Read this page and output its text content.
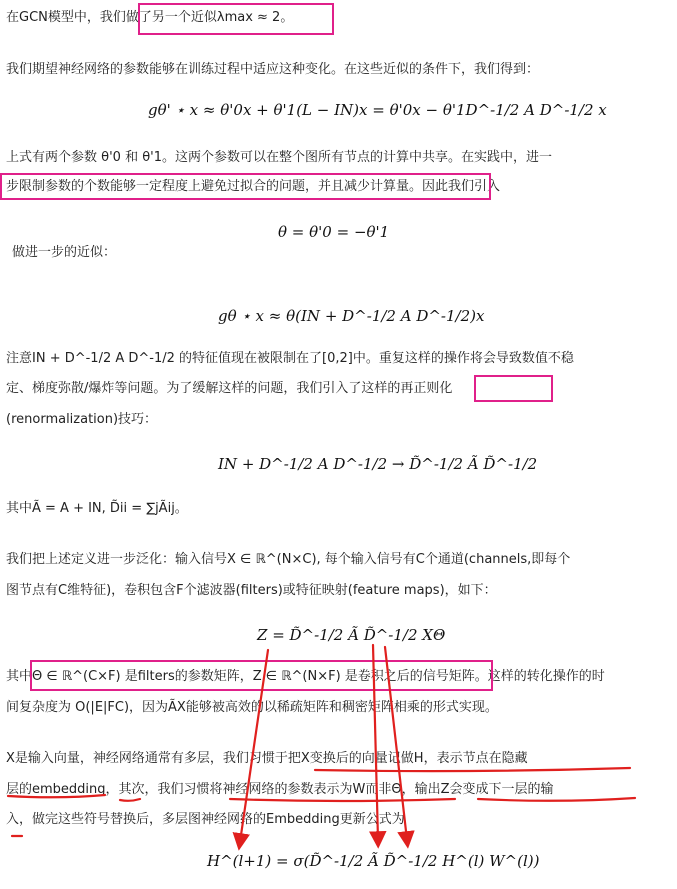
在GCN模型中，我们做了另一个近似λmax ≈ 2。
我们期望神经网络的参数能够在训练过程中适应这种变化。在这些近似的条件下，我们得到：
gθ' ⋆ x ≈ θ'0x + θ'1(L − IN)x = θ'0x − θ'1D^-1/2 A D^-1/2 x
上式有两个参数 θ'0 和 θ'1。这两个参数可以在整个图所有节点的计算中共享。在实践中，进一
步限制参数的个数能够一定程度上避免过拟合的问题，并且减少计算量。因此我们引入
θ = θ'0 = −θ'1
做进一步的近似：
gθ ⋆ x ≈ θ(IN + D^-1/2 A D^-1/2)x
注意IN + D^-1/2 A D^-1/2 的特征值现在被限制在了[0,2]中。重复这样的操作将会导致数值不稳
定、梯度弥散/爆炸等问题。为了缓解这样的问题，我们引入了这样的再正则化
(renormalization)技巧：
IN + D^-1/2 A D^-1/2 → D̃^-1/2 Ã D̃^-1/2
其中Ã = A + IN, D̃ii = ∑jÃij。
我们把上述定义进一步泛化：输入信号X ∈ ℝ^(N×C), 每个输入信号有C个通道(channels,即每个
图节点有C维特征)，卷积包含F个滤波器(filters)或特征映射(feature maps)，如下：
Z = D̃^-1/2 Ã D̃^-1/2 XΘ
其中Θ ∈ ℝ^(C×F) 是filters的参数矩阵，Z ∈ ℝ^(N×F) 是卷积之后的信号矩阵。这样的转化操作的时
间复杂度为 O(|E|FC)，因为ÃX能够被高效的以稀疏矩阵和稠密矩阵相乘的形式实现。
X是输入向量，神经网络通常有多层，我们习惯于把X变换后的向量记做H，表示节点在隐藏
层的embedding，其次，我们习惯将神经网络的参数表示为W而非Θ，输出Z会变成下一层的输
入，做完这些符号替换后，多层图神经网络的Embedding更新公式为
H^(l+1) = σ(D̃^-1/2 Ã D̃^-1/2 H^(l) W^(l))
